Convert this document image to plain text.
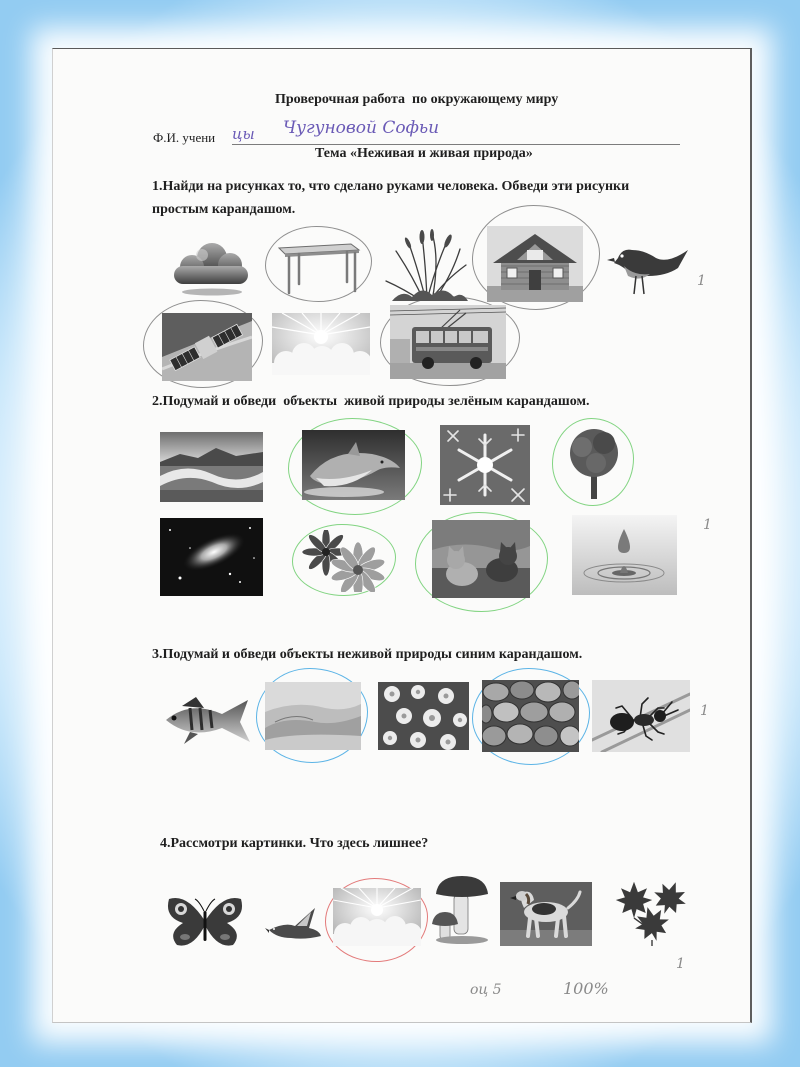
Проверочная работа  по окружающему миру
Ф.И. учени цы Чугуновой Софьи
Тема «Неживая и живая природа»
1.Найди на рисунках то, что сделано руками человека. Обведи эти рисунки
простым карандашом.
1
2.Подумай и обведи  объекты  живой природы зелёным карандашом.
1
3.Подумай и обведи объекты неживой природы синим карандашом.
1
4.Рассмотри картинки. Что здесь лишнее?
1
оц 5	100%
